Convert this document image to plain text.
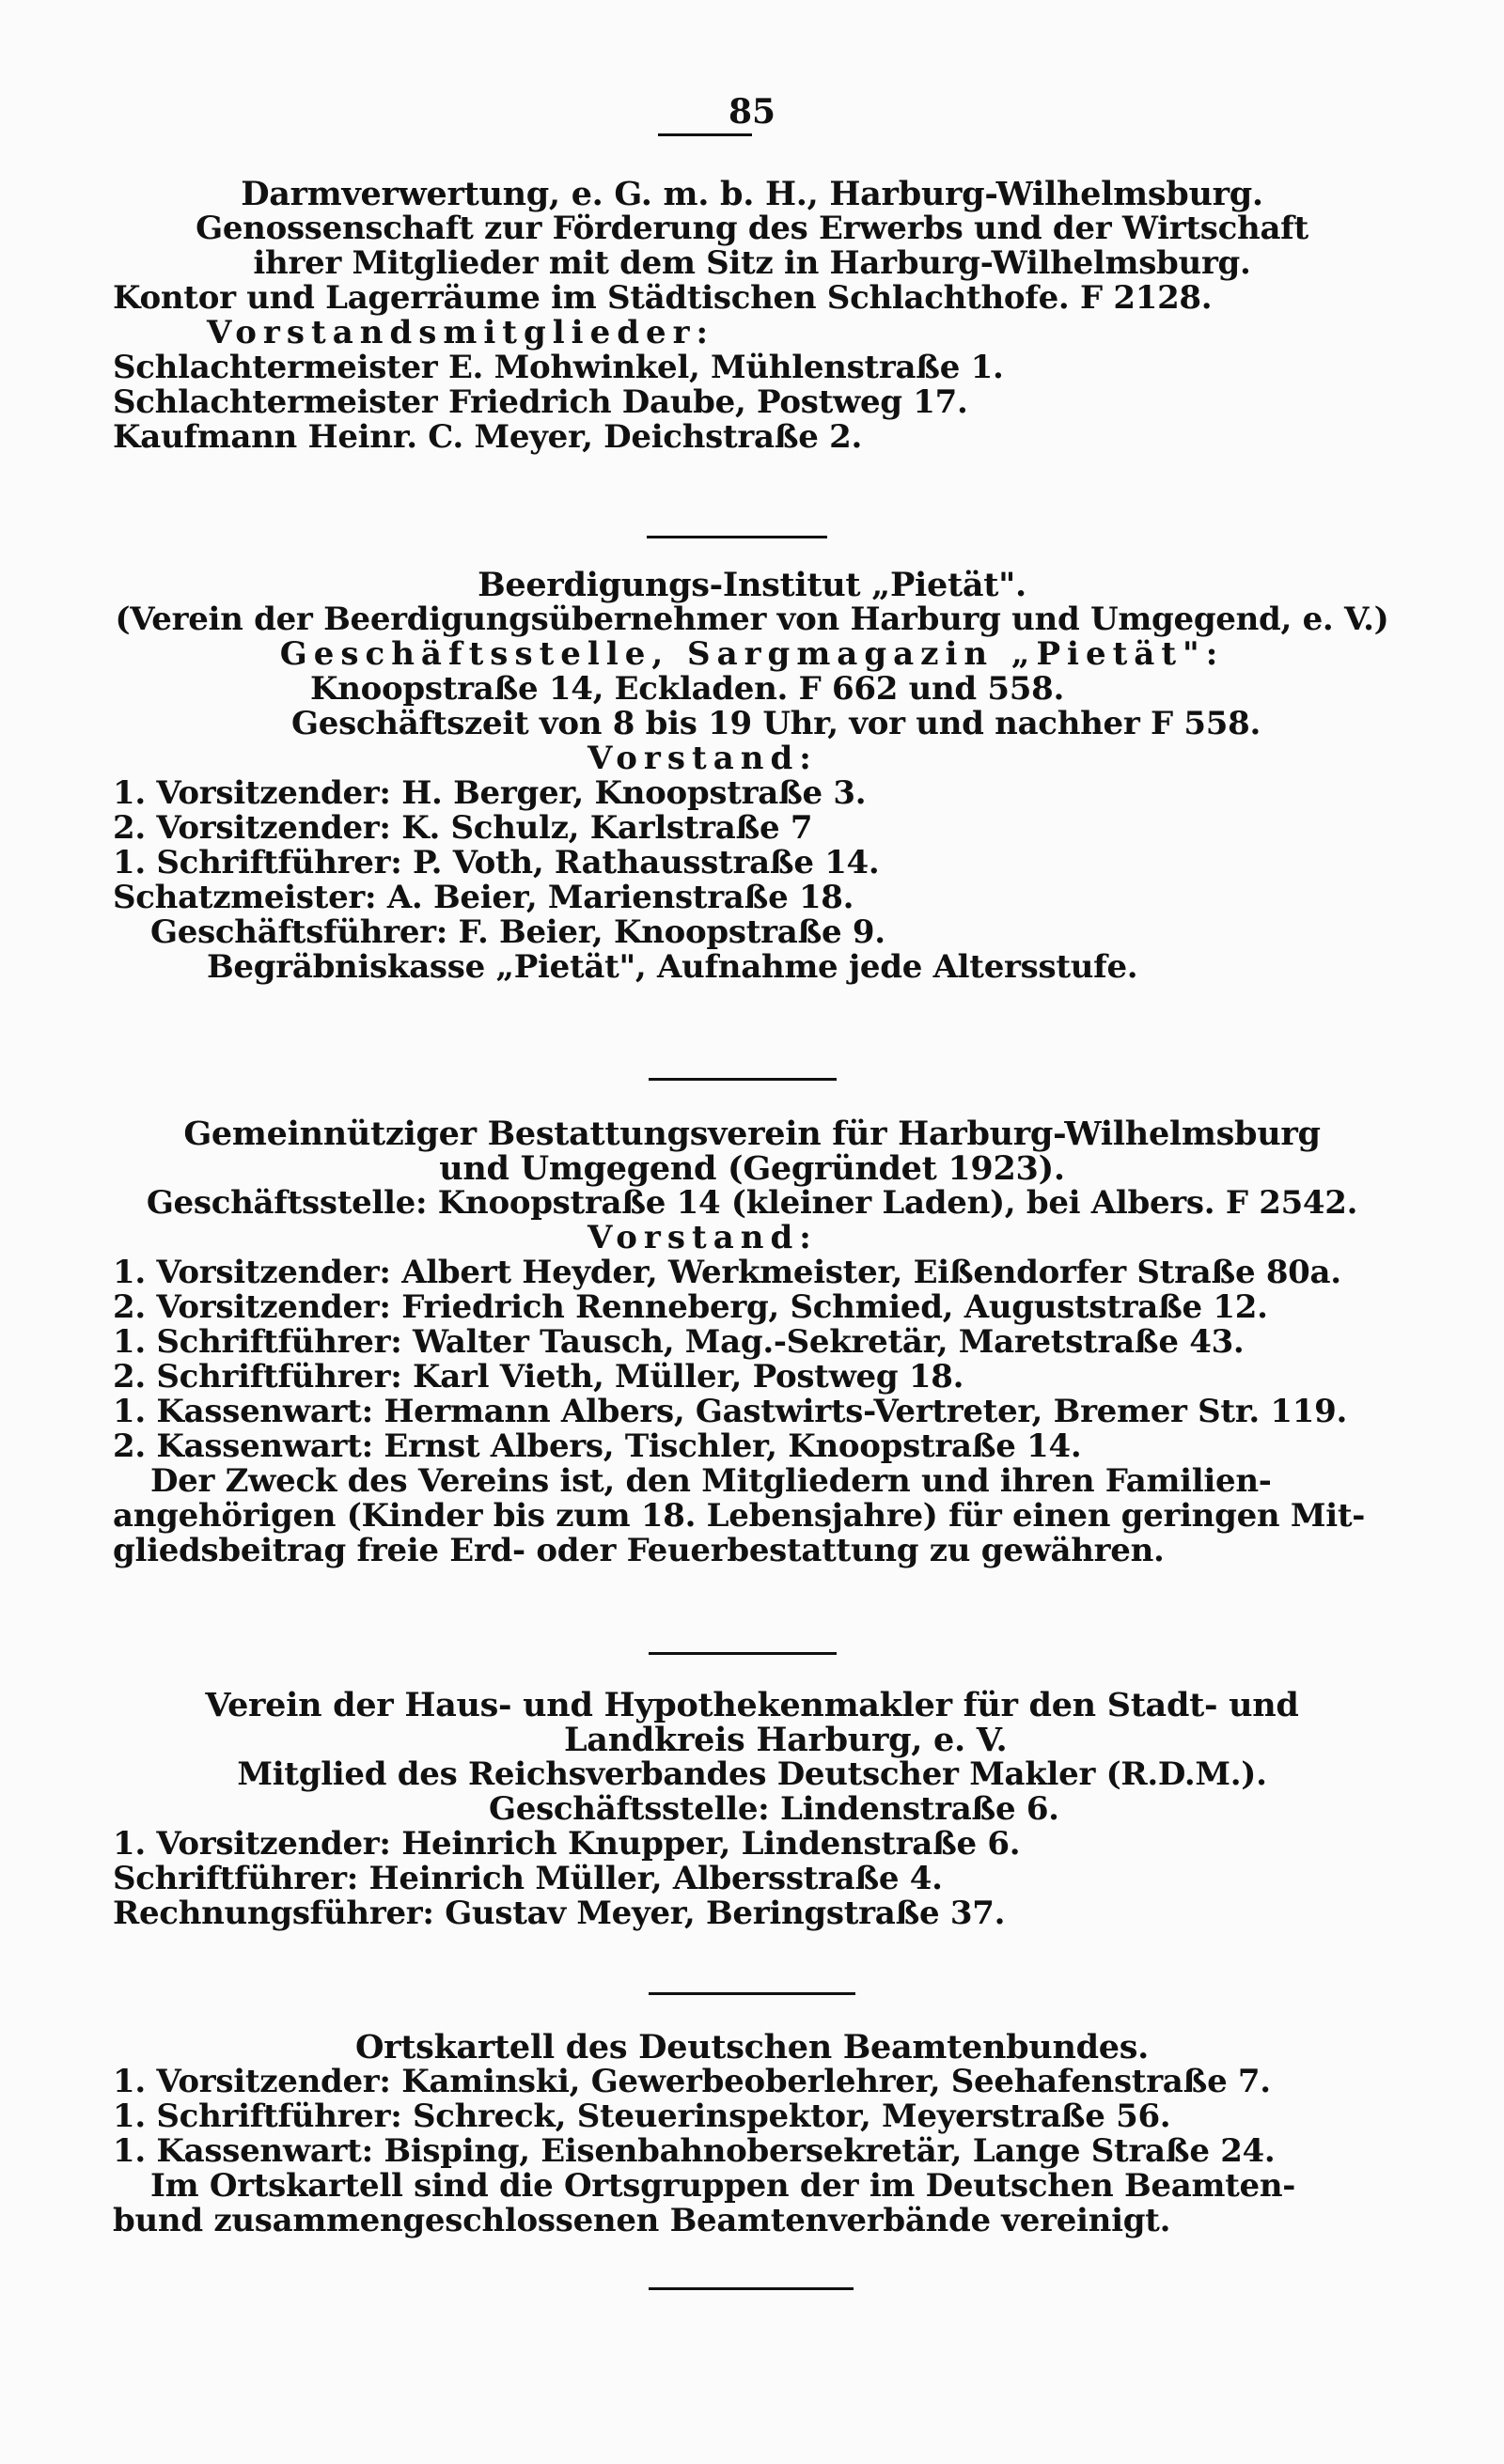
85
Darmverwertung, e. G. m. b. H., Harburg-Wilhelmsburg.
Genossenschaft zur Förderung des Erwerbs und der Wirtschaft
ihrer Mitglieder mit dem Sitz in Harburg-Wilhelmsburg.
Kontor und Lagerräume im Städtischen Schlachthofe. F 2128.
Vorstandsmitglieder:
Schlachtermeister E. Mohwinkel, Mühlenstraße 1.
Schlachtermeister Friedrich Daube, Postweg 17.
Kaufmann Heinr. C. Meyer, Deichstraße 2.
Beerdigungs-Institut „Pietät".
(Verein der Beerdigungsübernehmer von Harburg und Umgegend, e. V.)
Geschäftsstelle, Sargmagazin „Pietät":
Knoopstraße 14, Eckladen. F 662 und 558.
Geschäftszeit von 8 bis 19 Uhr, vor und nachher F 558.
Vorstand:
1. Vorsitzender: H. Berger, Knoopstraße 3.
2. Vorsitzender: K. Schulz, Karlstraße 7
1. Schriftführer: P. Voth, Rathausstraße 14.
Schatzmeister: A. Beier, Marienstraße 18.
Geschäftsführer: F. Beier, Knoopstraße 9.
Begräbniskasse „Pietät", Aufnahme jede Altersstufe.
Gemeinnütziger Bestattungsverein für Harburg-Wilhelmsburg
und Umgegend (Gegründet 1923).
Geschäftsstelle: Knoopstraße 14 (kleiner Laden), bei Albers. F 2542.
Vorstand:
1. Vorsitzender: Albert Heyder, Werkmeister, Eißendorfer Straße 80a.
2. Vorsitzender: Friedrich Renneberg, Schmied, Auguststraße 12.
1. Schriftführer: Walter Tausch, Mag.-Sekretär, Maretstraße 43.
2. Schriftführer: Karl Vieth, Müller, Postweg 18.
1. Kassenwart: Hermann Albers, Gastwirts-Vertreter, Bremer Str. 119.
2. Kassenwart: Ernst Albers, Tischler, Knoopstraße 14.
Der Zweck des Vereins ist, den Mitgliedern und ihren Familien-
angehörigen (Kinder bis zum 18. Lebensjahre) für einen geringen Mit-
gliedsbeitrag freie Erd- oder Feuerbestattung zu gewähren.
Verein der Haus- und Hypothekenmakler für den Stadt- und
Landkreis Harburg, e. V.
Mitglied des Reichsverbandes Deutscher Makler (R.D.M.).
Geschäftsstelle: Lindenstraße 6.
1. Vorsitzender: Heinrich Knupper, Lindenstraße 6.
Schriftführer: Heinrich Müller, Albersstraße 4.
Rechnungsführer: Gustav Meyer, Beringstraße 37.
Ortskartell des Deutschen Beamtenbundes.
1. Vorsitzender: Kaminski, Gewerbeoberlehrer, Seehafenstraße 7.
1. Schriftführer: Schreck, Steuerinspektor, Meyerstraße 56.
1. Kassenwart: Bisping, Eisenbahnobersekretär, Lange Straße 24.
Im Ortskartell sind die Ortsgruppen der im Deutschen Beamten-
bund zusammengeschlossenen Beamtenverbände vereinigt.
